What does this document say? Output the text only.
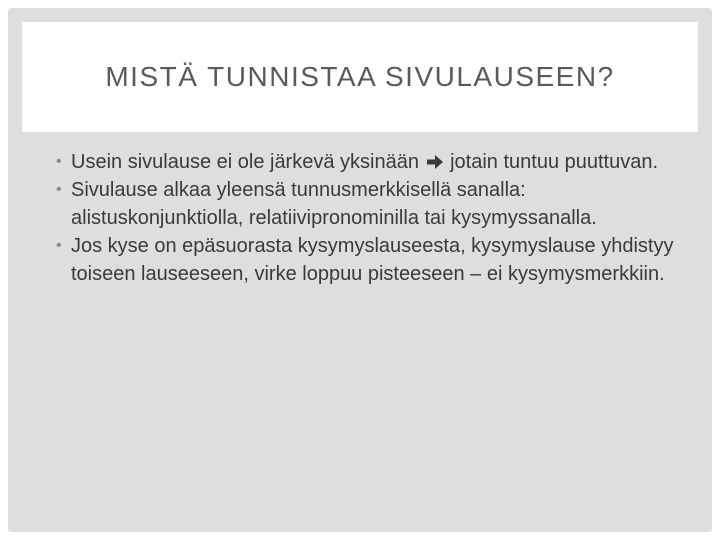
MISTÄ TUNNISTAA SIVULAUSEEN?
• Usein sivulause ei ole järkevä yksinään jotain tuntuu puuttuvan.
• Sivulause alkaa yleensä tunnusmerkkisellä sanalla: alistuskonjunktiolla, relatiivipronominilla tai kysymyssanalla.
• Jos kyse on epäsuorasta kysymyslauseesta, kysymyslause yhdistyy toiseen lauseeseen, virke loppuu pisteeseen – ei kysymysmerkkiin.
